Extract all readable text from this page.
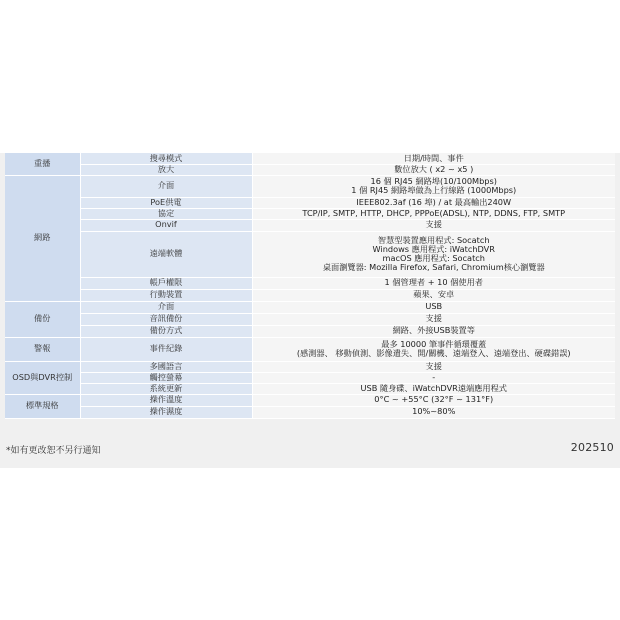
重播	搜尋模式	日期/時間、事件
	放大	數位放大 ( x2 ~ x5 )
網路	介面	16 個 RJ45 網路埠(10/100Mbps)
1 個 RJ45 網路埠做為上行線路 (1000Mbps)

	PoE供電	IEEE802.3af (16 埠) / at 最高輸出240W
	協定	TCP/IP, SMTP, HTTP, DHCP, PPPoE(ADSL), NTP, DDNS, FTP, SMTP
	Onvif	支援
	遠端軟體	智慧型裝置應用程式: Socatch
Windows 應用程式: iWatchDVR
macOS 應用程式: Socatch
桌面瀏覽器: Mozilla Firefox, Safari, Chromium核心瀏覽器

	帳戶權限	1 個管理者 + 10 個使用者
	行動裝置	蘋果、安卓
備份	介面	USB
	音訊備份	支援
	備份方式	網路、外接USB裝置等
警報	事件紀錄	最多 10000 筆事件循環覆蓋
(感測器、 移動偵測、影像遺失、開/關機、遠端登入、遠端登出、硬碟錯誤)

OSD與DVR控制	多國語言	支援
	觸控螢幕	-
	系統更新	USB 隨身碟、iWatchDVR遠端應用程式
標準規格	操作溫度	0°C ~ +55°C (32°F ~ 131°F)
	操作濕度	10%~80%
*如有更改恕不另行通知	202510
